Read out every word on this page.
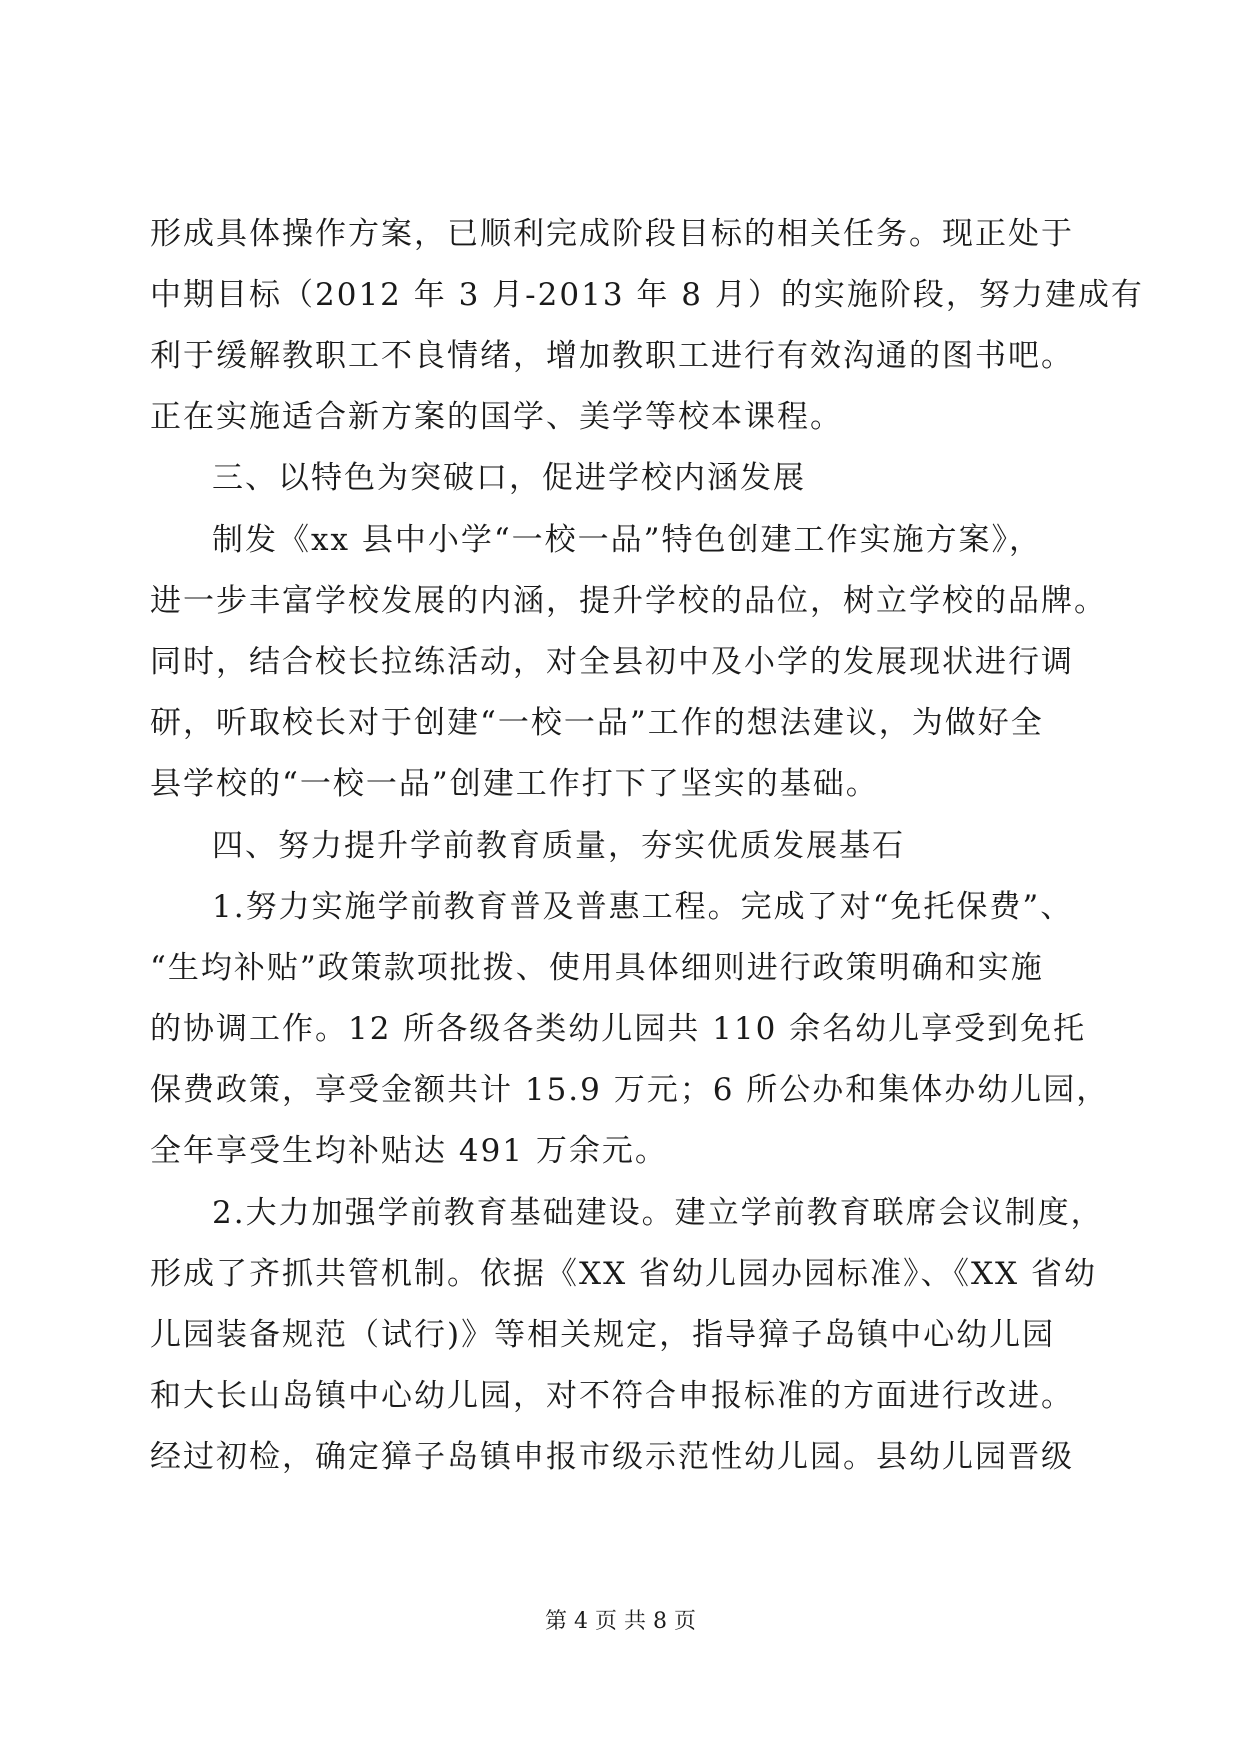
形成具体操作方案，已顺利完成阶段目标的相关任务。现正处于
中期目标（2012 年 3 月-2013 年 8 月）的实施阶段，努力建成有
利于缓解教职工不良情绪，增加教职工进行有效沟通的图书吧。
正在实施适合新方案的国学、美学等校本课程。
三、以特色为突破口，促进学校内涵发展
制发《xx 县中小学“一校一品”特色创建工作实施方案》，
进一步丰富学校发展的内涵，提升学校的品位，树立学校的品牌。
同时，结合校长拉练活动，对全县初中及小学的发展现状进行调
研，听取校长对于创建“一校一品”工作的想法建议，为做好全
县学校的“一校一品”创建工作打下了坚实的基础。
四、努力提升学前教育质量，夯实优质发展基石
1.努力实施学前教育普及普惠工程。完成了对“免托保费”、
“生均补贴”政策款项批拨、使用具体细则进行政策明确和实施
的协调工作。12 所各级各类幼儿园共 110 余名幼儿享受到免托
保费政策，享受金额共计 15.9 万元；6 所公办和集体办幼儿园，
全年享受生均补贴达 491 万余元。
2.大力加强学前教育基础建设。建立学前教育联席会议制度，
形成了齐抓共管机制。依据《XX 省幼儿园办园标准》、《XX 省幼
儿园装备规范（试行)》等相关规定，指导獐子岛镇中心幼儿园
和大长山岛镇中心幼儿园，对不符合申报标准的方面进行改进。
经过初检，确定獐子岛镇申报市级示范性幼儿园。县幼儿园晋级
第 4 页 共 8 页
